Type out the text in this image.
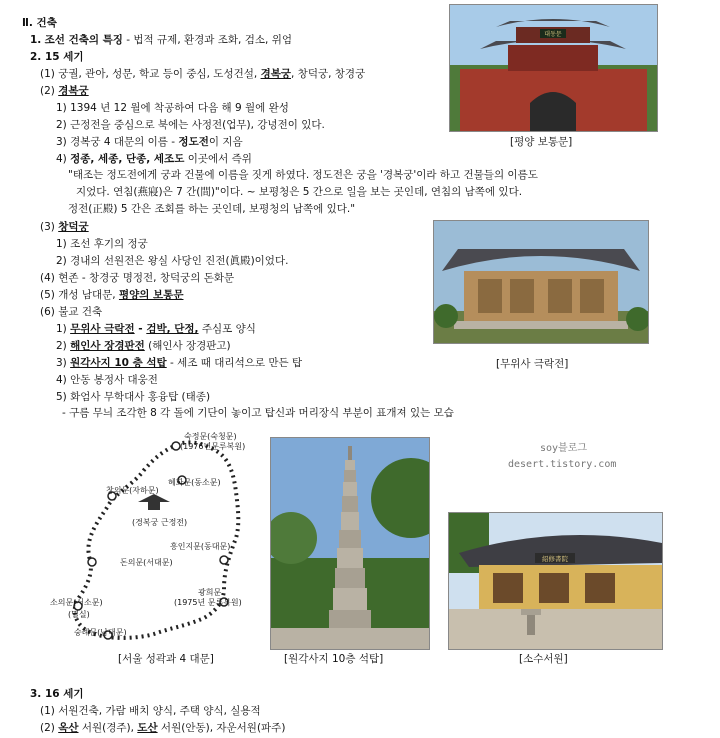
Ⅱ. 건축
1. 조선 건축의 특징 - 법적 규제, 환경과 조화, 검소, 위엄
2. 15 세기
(1) 궁궐, 관아, 성문, 학교 등이 중심, 도성건설, 경복궁, 창덕궁, 창경궁
(2) 경복궁
1) 1394 년 12 월에 착공하여 다음 해 9 월에 완성
2) 근정전을 중심으로 북에는 사정전(업무), 강녕전이 있다.
3) 경복궁 4 대문의 이름 - 정도전이 지음
4) 정종, 세종, 단종, 세조도 이곳에서 즉위
"태조는 정도전에게 궁과 건물에 이름을 짓게 하였다. 정도전은 궁을 '경복궁'이라 하고 건물들의 이름도
지었다. 연침(燕寢)은 7 간(間)"이다. ~ 보평청은 5 간으로 일을 보는 곳인데, 연침의 남쪽에 있다.
정전(正殿) 5 간은 조회를 하는 곳인데, 보평청의 남쪽에 있다."
(3) 창덕궁
1) 조선 후기의 정궁
2) 경내의 선원전은 왕실 사당인 진전(眞殿)이었다.
(4) 현존 - 창경궁 명정전, 창덕궁의 돈화문
(5) 개성 남대문, 평양의 보통문
(6) 불교 건축
1) 무위사 극락전 - 검박, 단정, 주심포 양식
2) 해인사 장경판전 (해인사 장경판고)
3) 원각사지 10 층 석탑 - 세조 때 대리석으로 만든 탑
4) 안동 봉정사 대웅전
5) 화엄사 무학대사 홍융탑 (태종)
- 구름 무늬 조각한 8 각 돌에 기단이 놓이고 탑신과 머리장식 부분이 표개져 있는 모습
3. 16 세기
(1) 서원건축, 가람 배치 양식, 주택 양식, 실용적
(2) 옥산 서원(경주), 도산 서원(안동), 자운서원(파주)
대동문
[평양 보통문]
[무위사 극락전]
숙정문(숙청문)
(1976년문루복원)
혜화문(동소문)
창의문(자하문)
(경복궁 근정전)
흥인지문(동대문)
돈의문(서대문)
광희문
(1975년 문루복원)
소의문(서소문)
(멸실)
숭례문(남대문)
[서울 성곽과 4 대문]	[원각사지 10층 석탑]
soy블로그
desert.tistory.com
紹修書院
[소수서원]
